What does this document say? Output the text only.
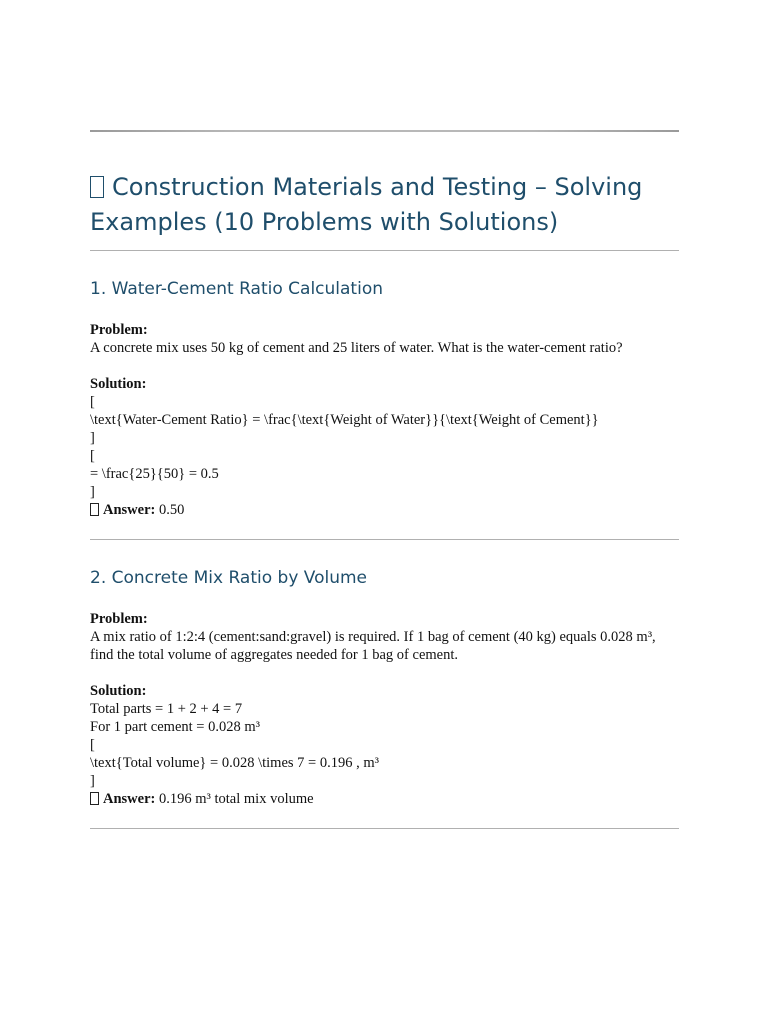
Construction Materials and Testing – Solving Examples (10 Problems with Solutions)
1. Water-Cement Ratio Calculation

Problem:

A concrete mix uses 50 kg of cement and 25 liters of water. What is the water-cement ratio?

Solution:

[

\text{Water-Cement Ratio} = \frac{\text{Weight of Water}}{\text{Weight of Cement}}

]

[

= \frac{25}{50} = 0.5

]

Answer: 0.50

2. Concrete Mix Ratio by Volume

Problem:

A mix ratio of 1:2:4 (cement:sand:gravel) is required. If 1 bag of cement (40 kg) equals 0.028 m³, find the total volume of aggregates needed for 1 bag of cement.

Solution:

Total parts = 1 + 2 + 4 = 7

For 1 part cement = 0.028 m³

[

\text{Total volume} = 0.028 \times 7 = 0.196 , m³

]

Answer: 0.196 m³ total mix volume
